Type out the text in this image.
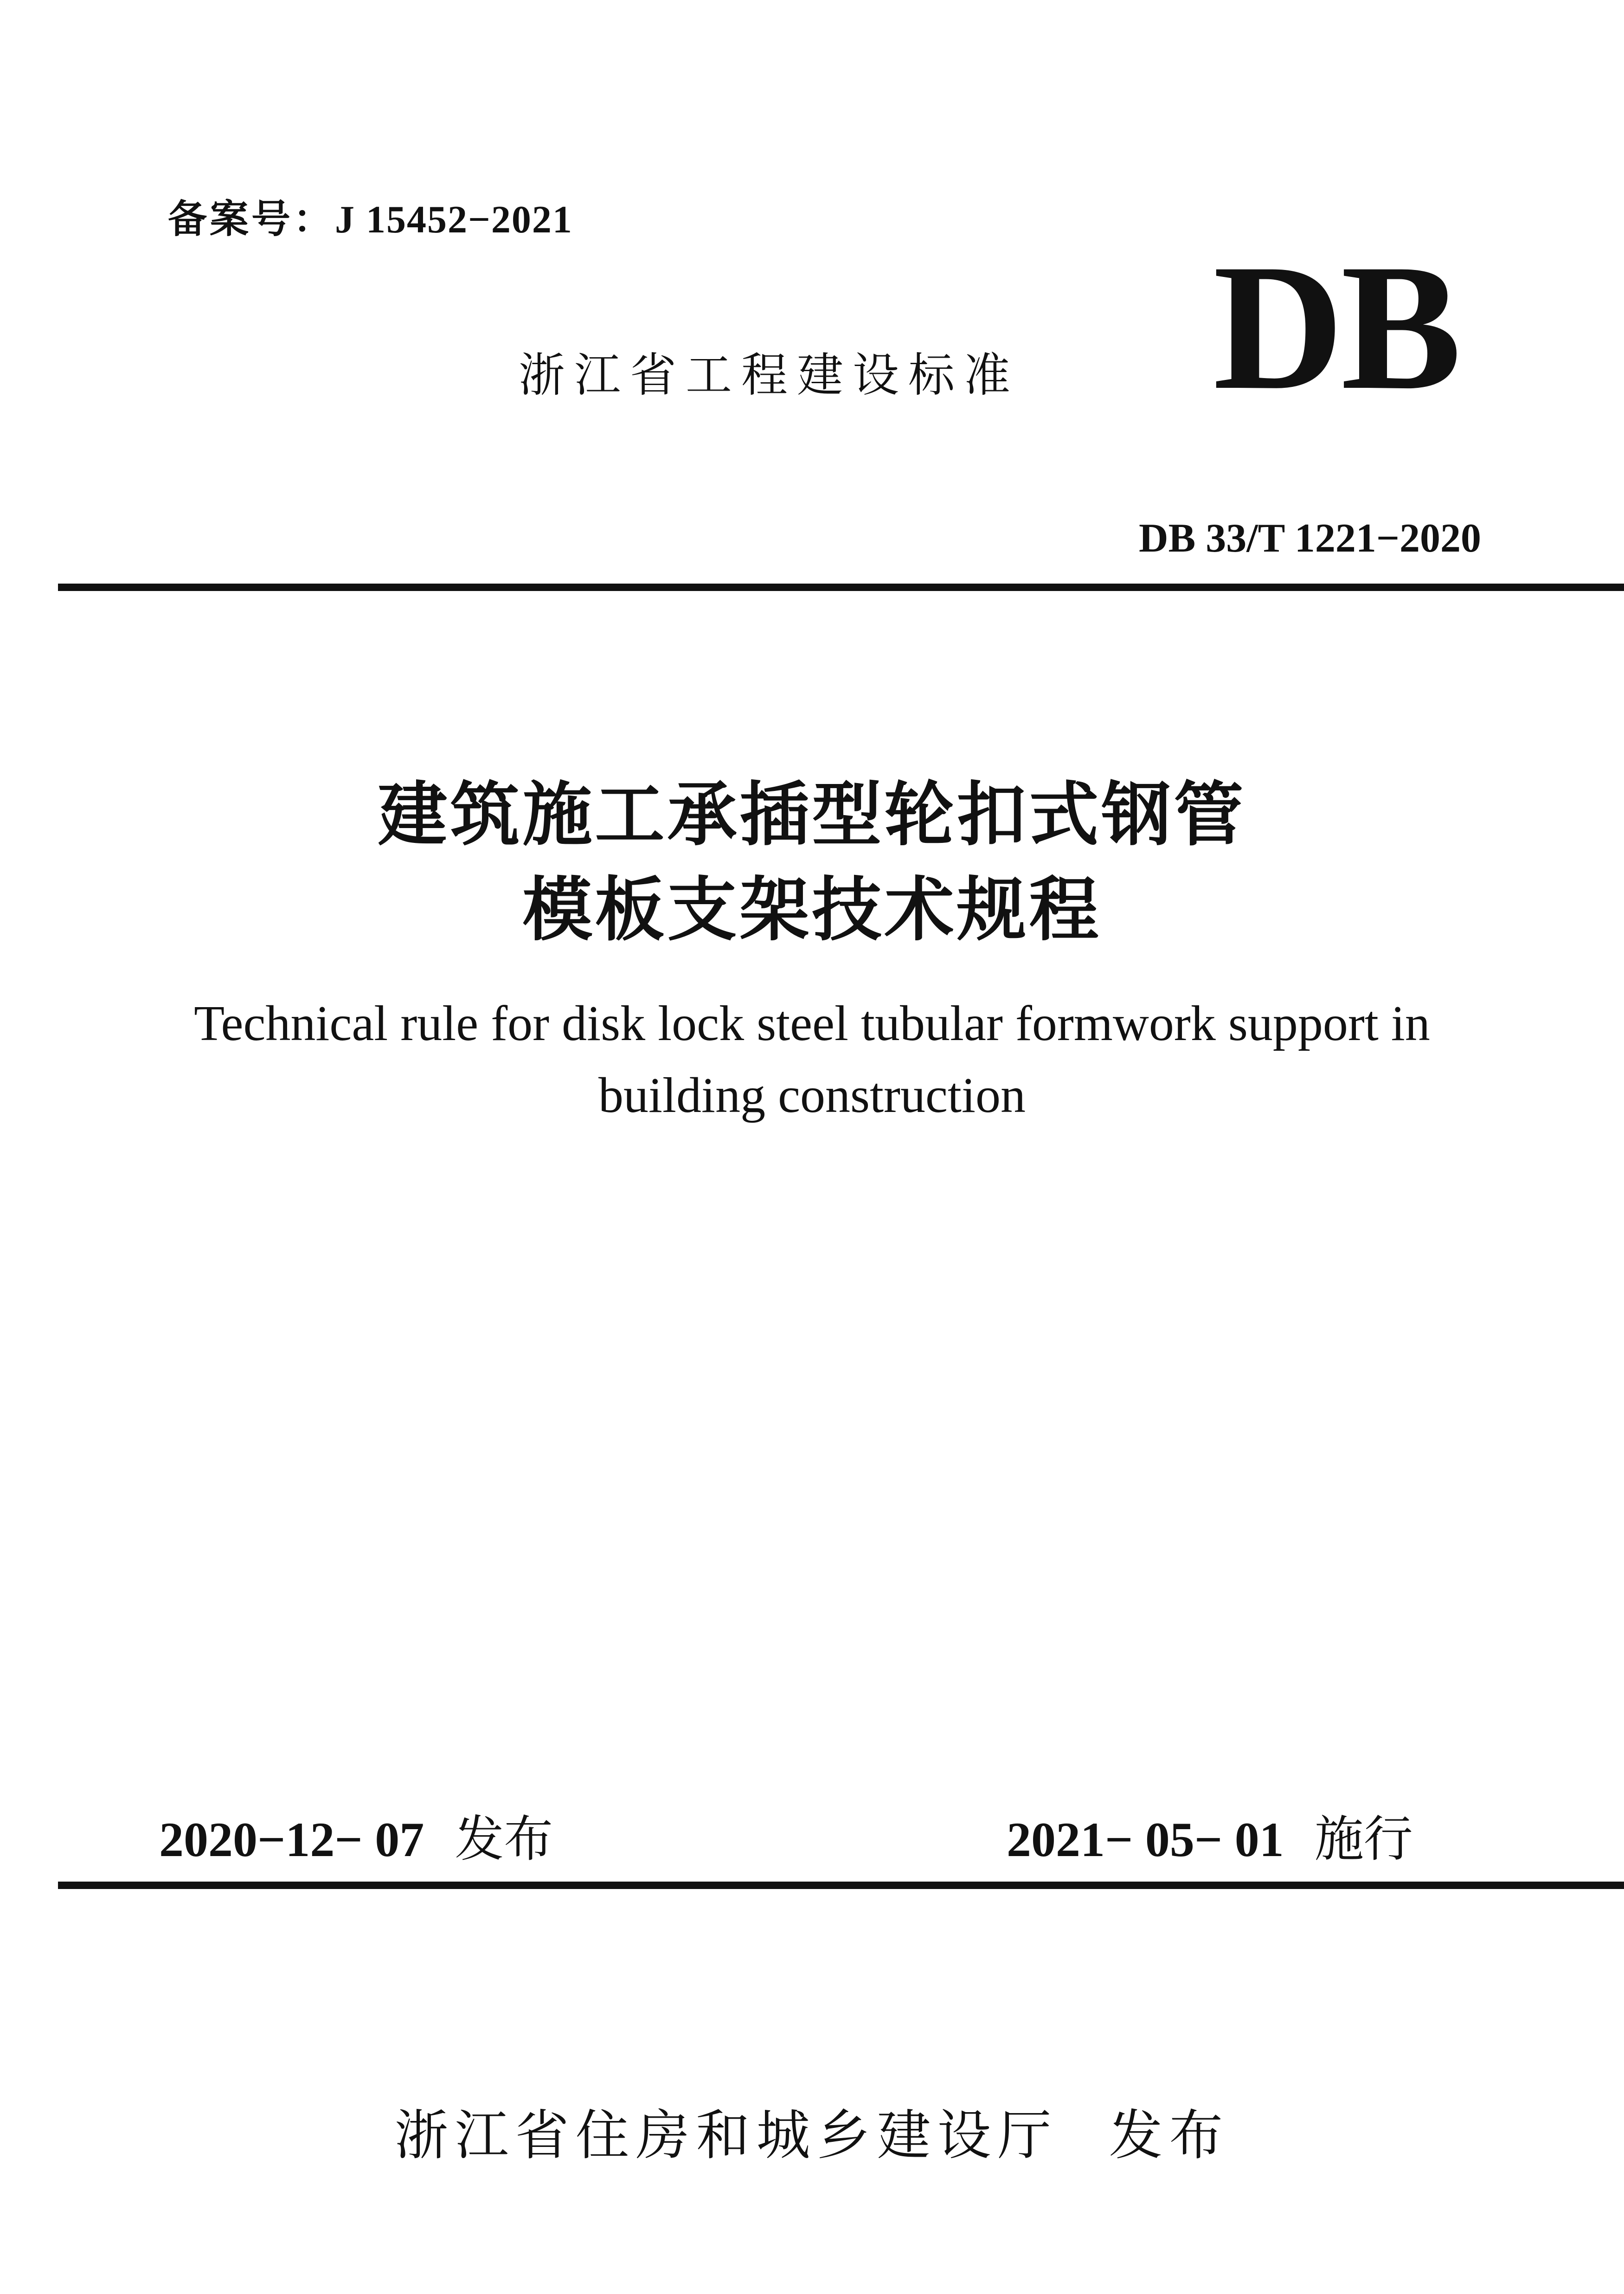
备案号：J 15452−2021
浙江省工程建设标准 DB
DB 33/T 1221−2020
建筑施工承插型轮扣式钢管
模板支架技术规程
Technical rule for disk lock steel tubular formwork support in
building construction
2020−12− 07 发布	2021− 05− 01 施行
浙江省住房和城乡建设厅 发布
